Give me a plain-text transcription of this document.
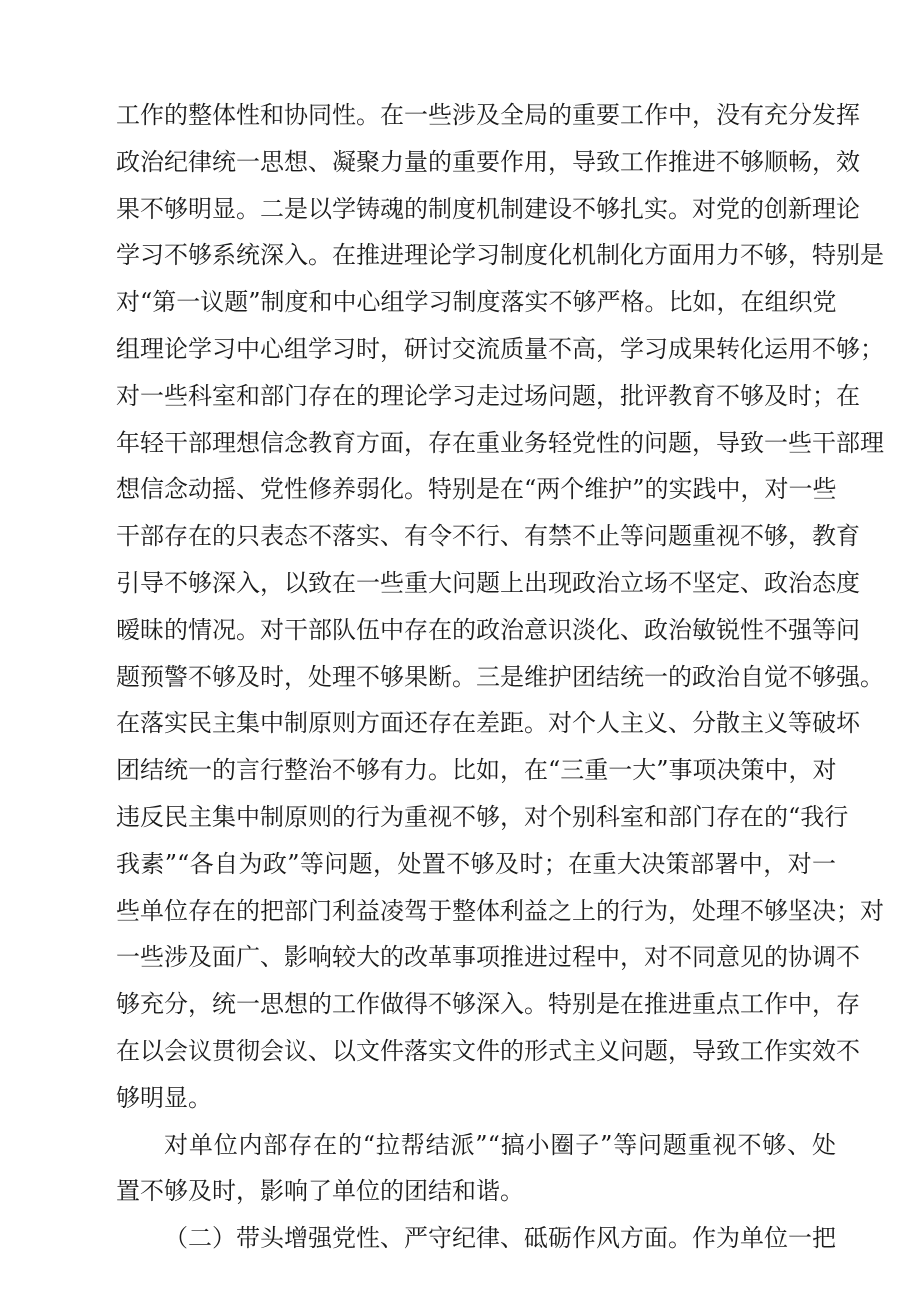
工作的整体性和协同性。在一些涉及全局的重要工作中，没有充分发挥
政治纪律统一思想、凝聚力量的重要作用，导致工作推进不够顺畅，效
果不够明显。二是以学铸魂的制度机制建设不够扎实。对党的创新理论
学习不够系统深入。在推进理论学习制度化机制化方面用力不够，特别是
对“第一议题”制度和中心组学习制度落实不够严格。比如，在组织党
组理论学习中心组学习时，研讨交流质量不高，学习成果转化运用不够；
对一些科室和部门存在的理论学习走过场问题，批评教育不够及时；在
年轻干部理想信念教育方面，存在重业务轻党性的问题，导致一些干部理
想信念动摇、党性修养弱化。特别是在“两个维护”的实践中，对一些
干部存在的只表态不落实、有令不行、有禁不止等问题重视不够，教育
引导不够深入，以致在一些重大问题上出现政治立场不坚定、政治态度
暧昧的情况。对干部队伍中存在的政治意识淡化、政治敏锐性不强等问
题预警不够及时，处理不够果断。三是维护团结统一的政治自觉不够强。
在落实民主集中制原则方面还存在差距。对个人主义、分散主义等破坏
团结统一的言行整治不够有力。比如，在“三重一大”事项决策中，对
违反民主集中制原则的行为重视不够，对个别科室和部门存在的“我行
我素”“各自为政”等问题，处置不够及时；在重大决策部署中，对一
些单位存在的把部门利益凌驾于整体利益之上的行为，处理不够坚决；对
一些涉及面广、影响较大的改革事项推进过程中，对不同意见的协调不
够充分，统一思想的工作做得不够深入。特别是在推进重点工作中，存
在以会议贯彻会议、以文件落实文件的形式主义问题，导致工作实效不
够明显。
对单位内部存在的“拉帮结派”“搞小圈子”等问题重视不够、处
置不够及时，影响了单位的团结和谐。
（二）带头增强党性、严守纪律、砥砺作风方面。作为单位一把
